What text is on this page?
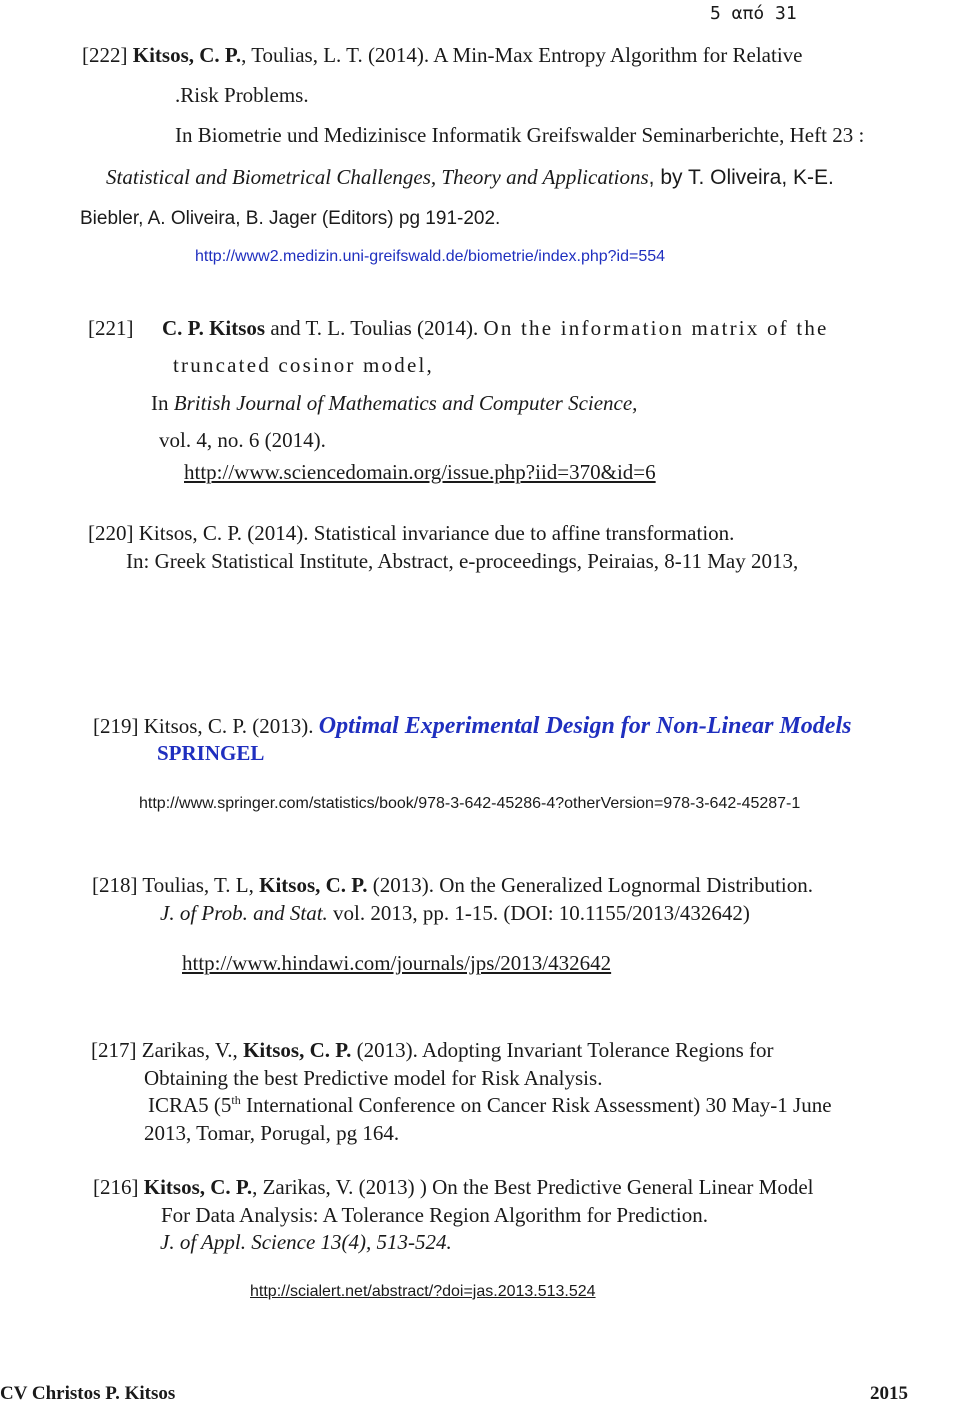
5 από 31
[222] Kitsos, C. P., Toulias, L. T. (2014). A Min-Max Entropy Algorithm for Relative
.Risk Problems.
In Biometrie und Medizinisce Informatik Greifswalder Seminarberichte, Heft 23 :
Statistical and Biometrical Challenges, Theory and Applications, by T. Oliveira, K-E.
Biebler, A. Oliveira, B. Jager (Editors) pg 191-202.
http://www2.medizin.uni-greifswald.de/biometrie/index.php?id=554
[221] C. P. Kitsos and T. L. Toulias (2014). On the information matrix of the
truncated cosinor model,
In British Journal of Mathematics and Computer Science,
vol. 4, no. 6 (2014).
http://www.sciencedomain.org/issue.php?iid=370&id=6
[220] Kitsos, C. P. (2014). Statistical invariance due to affine transformation.
In: Greek Statistical Institute, Abstract, e-proceedings, Peiraias, 8-11 May 2013,
[219] Kitsos, C. P. (2013). Optimal Experimental Design for Non-Linear Models
SPRINGEL
http://www.springer.com/statistics/book/978-3-642-45286-4?otherVersion=978-3-642-45287-1
[218] Toulias, T. L, Kitsos, C. P. (2013). On the Generalized Lognormal Distribution.
J. of Prob. and Stat. vol. 2013, pp. 1-15. (DOI: 10.1155/2013/432642)
http://www.hindawi.com/journals/jps/2013/432642
[217] Zarikas, V., Kitsos, C. P. (2013). Adopting Invariant Tolerance Regions for
Obtaining the best Predictive model for Risk Analysis.
ICRA5 (5th International Conference on Cancer Risk Assessment) 30 May-1 June
2013, Tomar, Porugal, pg 164.
[216] Kitsos, C. P., Zarikas, V. (2013) ) On the Best Predictive General Linear Model
For Data Analysis: A Tolerance Region Algorithm for Prediction.
J. of Appl. Science 13(4), 513-524.
http://scialert.net/abstract/?doi=jas.2013.513.524
CV Christos P. Kitsos	2015
